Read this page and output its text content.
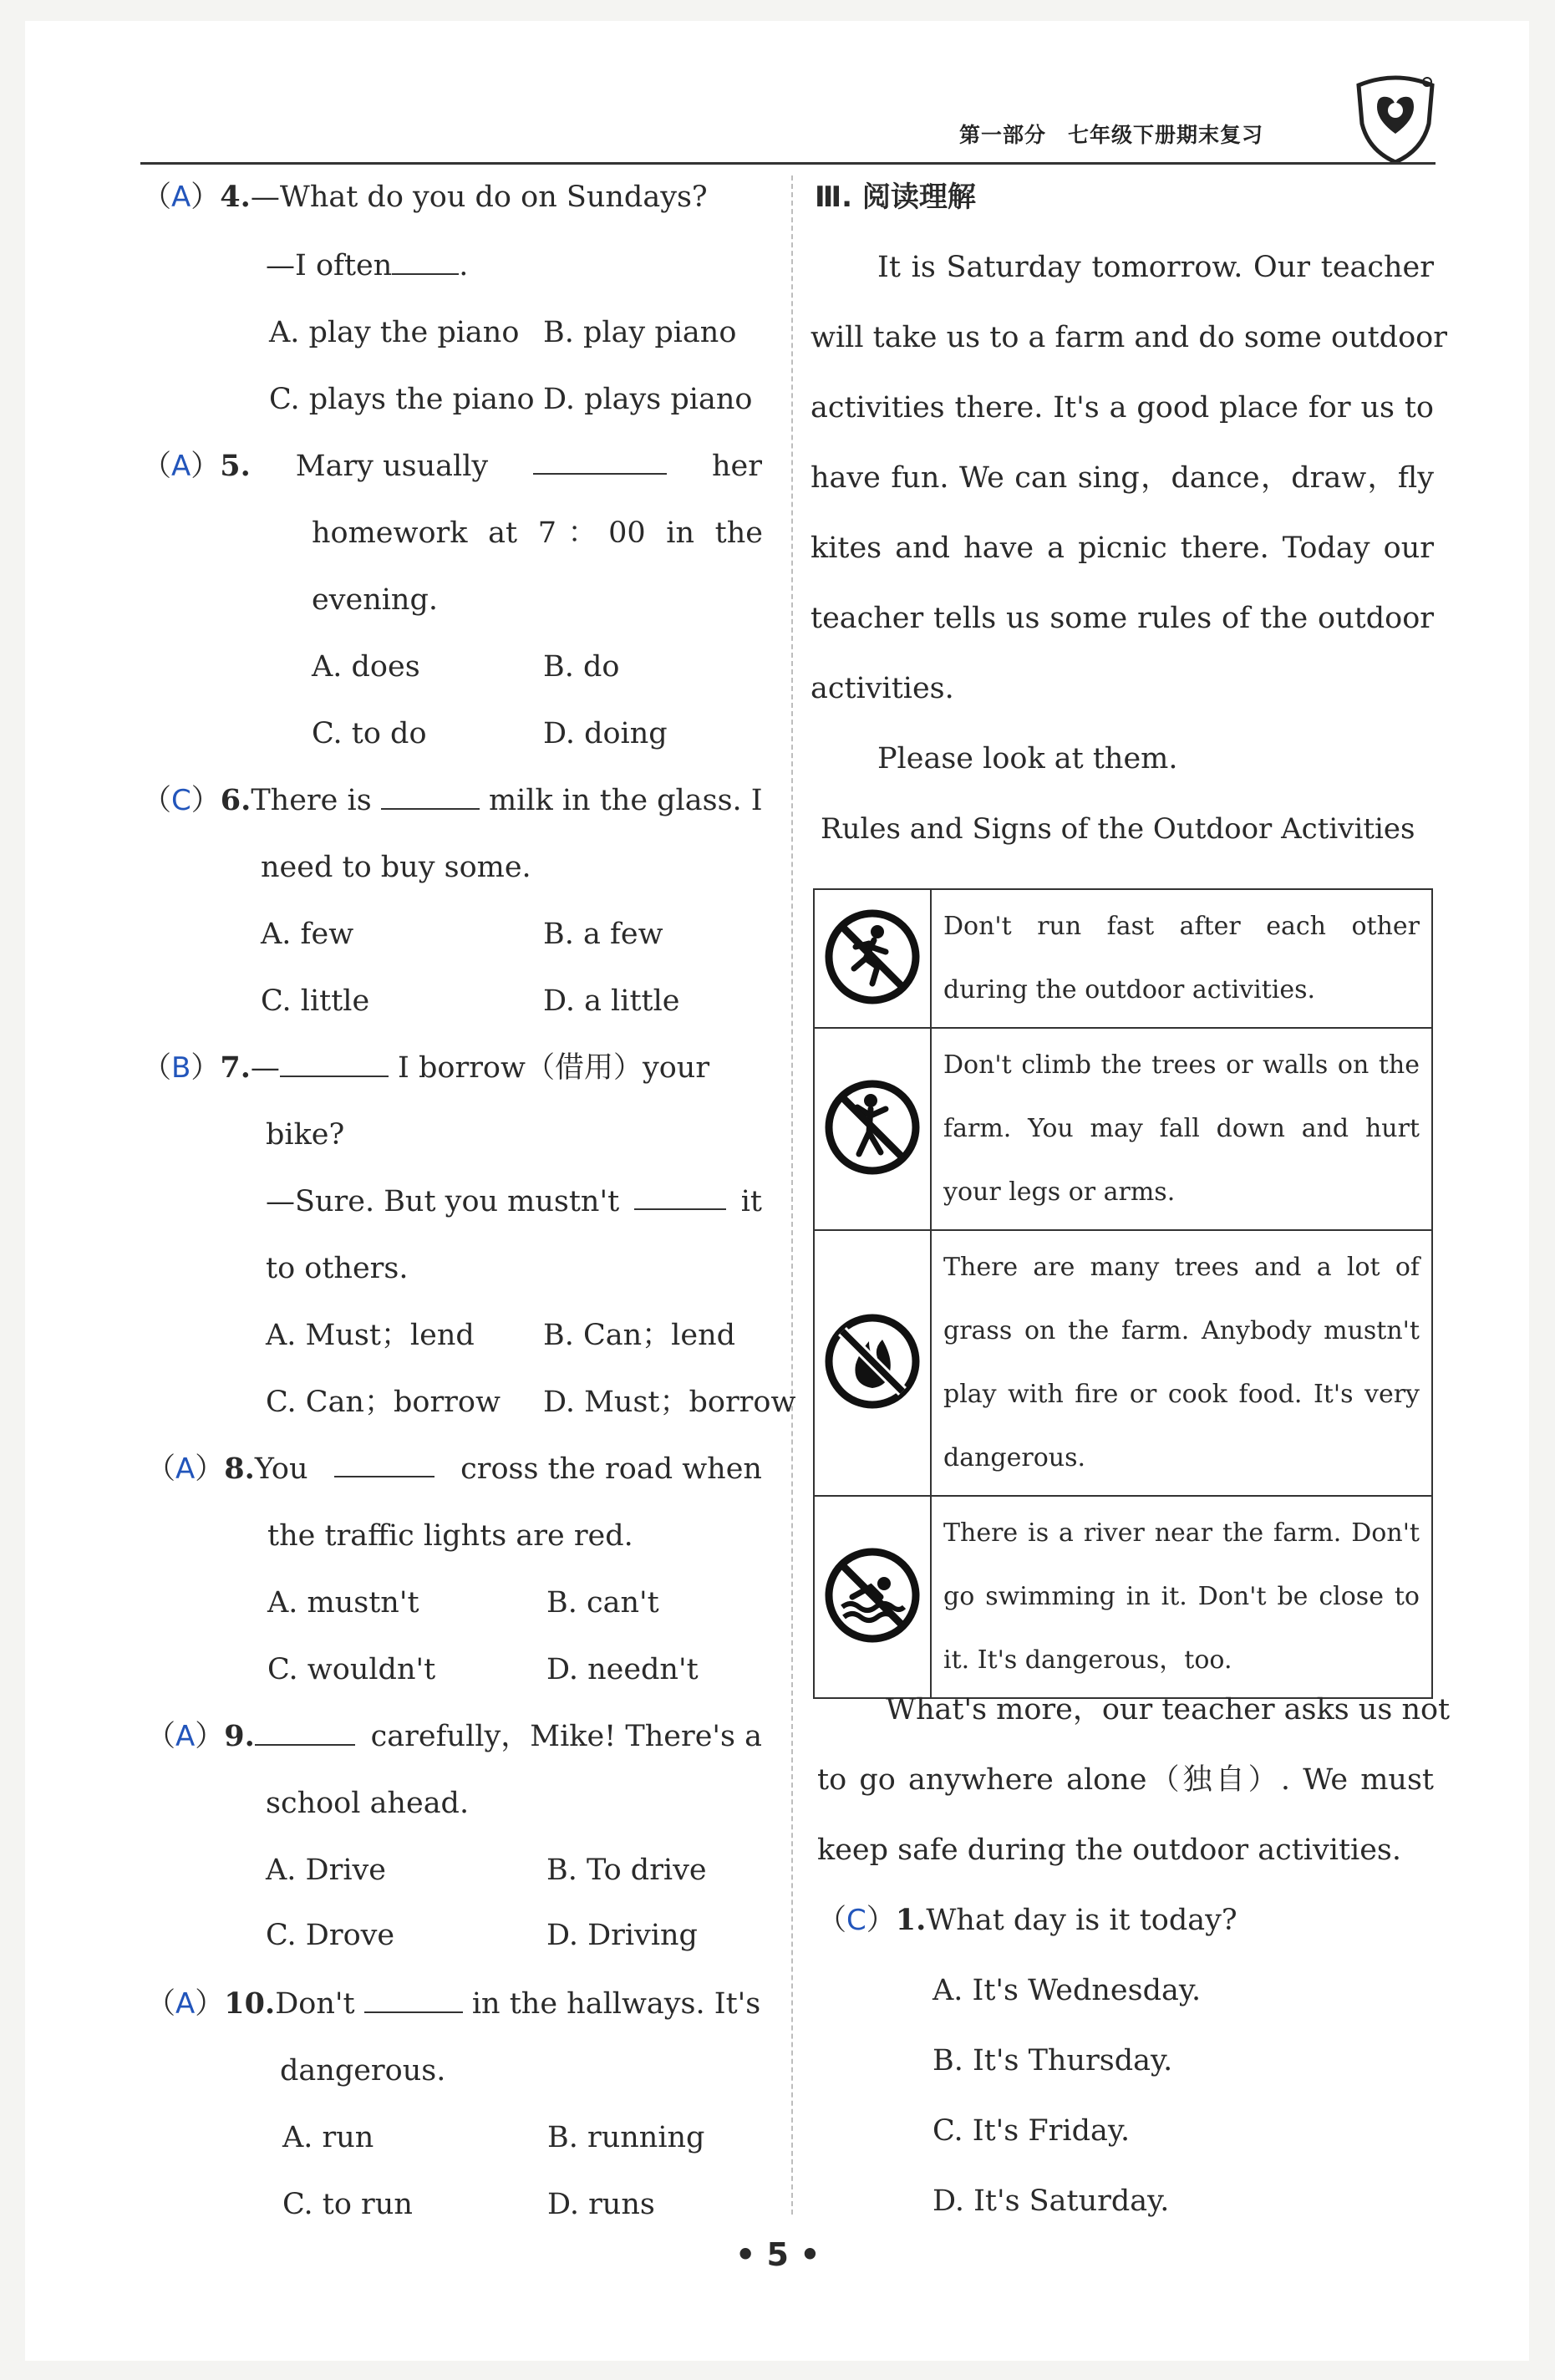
第一部分　七年级下册期末复习
（A）4.—What do you do on Sundays?
—I often .
A. play the piano B. play piano
C. plays the piano D. plays piano
（A）5. Mary usually	her
homework at 7：00 in the
evening.
A. does	B. do
C. to do	D. doing
（C）6.There is	milk in the glass. I
need to buy some.
A. few	B. a few
C. little	D. a little
（B）7.—	I borrow（借用）your
bike?
—Sure. But you mustn't	it
to others.
A. Must；lend B. Can；lend
C. Can；borrow D. Must；borrow
（A）8.You	cross the road when
the traffic lights are red.
A. mustn't	B. can't
C. wouldn't	D. needn't
（A）9.	carefully，Mike! There's a
school ahead.
A. Drive	B. To drive
C. Drove	D. Driving
（A）10.Don't	in the hallways. It's
dangerous.
A. run	B. running
C. to run	D. runs
Ⅲ. 阅读理解
It is Saturday tomorrow. Our teacher
will take us to a farm and do some outdoor
activities there. It's a good place for us to
have fun. We can sing，dance，draw，fly
kites and have a picnic there. Today our
teacher tells us some rules of the outdoor
activities.
Please look at them.
Rules and Signs of the Outdoor Activities

Don't run fast after each other during the outdoor activities.

Don't climb the trees or walls on the farm. You may fall down and hurt your legs or arms.

There are many trees and a lot of grass on the farm. Anybody mustn't play with fire or cook food. It's very dangerous.

There is a river near the farm. Don't go swimming in it. Don't be close to it. It's dangerous，too.
What's more，our teacher asks us not
to go anywhere alone（独自）. We must
keep safe during the outdoor activities.
（C）1.What day is it today?
A. It's Wednesday.
B. It's Thursday.
C. It's Friday.
D. It's Saturday.
• 5 •
